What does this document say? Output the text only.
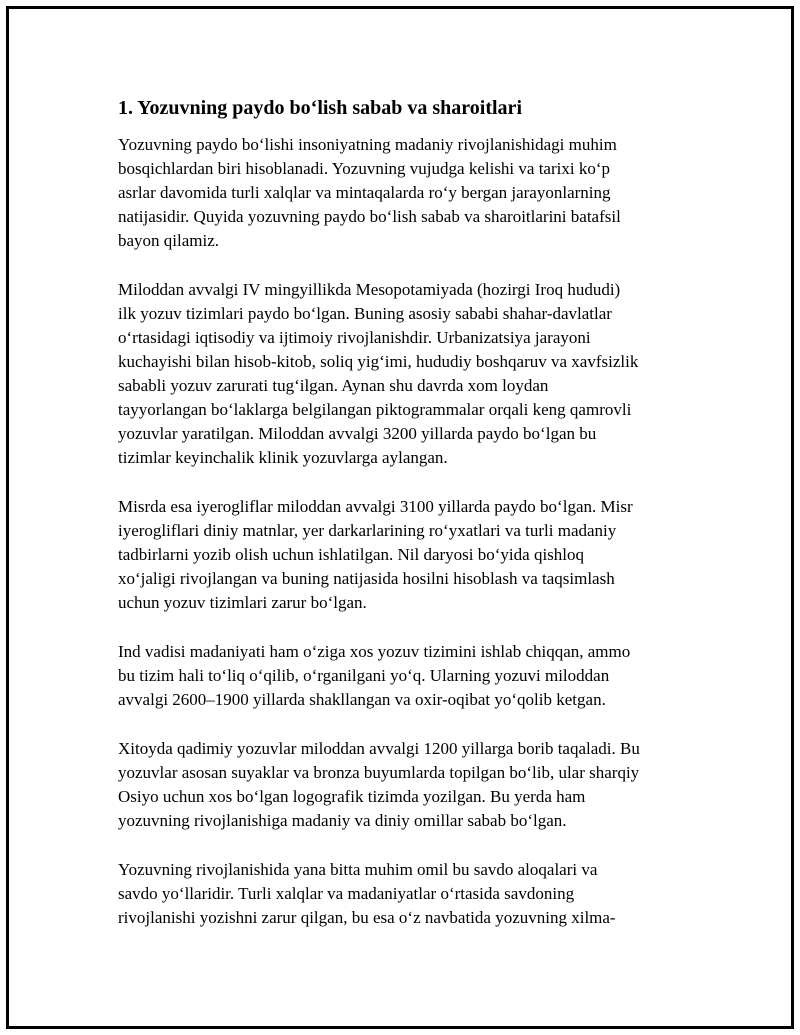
1. Yozuvning paydo bo‘lish sabab va sharoitlari

Yozuvning paydo bo‘lishi insoniyatning madaniy rivojlanishidagi muhim
bosqichlardan biri hisoblanadi. Yozuvning vujudga kelishi va tarixi ko‘p
asrlar davomida turli xalqlar va mintaqalarda ro‘y bergan jarayonlarning
natijasidir. Quyida yozuvning paydo bo‘lish sabab va sharoitlarini batafsil
bayon qilamiz.

Miloddan avvalgi IV mingyillikda Mesopotamiyada (hozirgi Iroq hududi)
ilk yozuv tizimlari paydo bo‘lgan. Buning asosiy sababi shahar-davlatlar
o‘rtasidagi iqtisodiy va ijtimoiy rivojlanishdir. Urbanizatsiya jarayoni
kuchayishi bilan hisob-kitob, soliq yig‘imi, hududiy boshqaruv va xavfsizlik
sababli yozuv zarurati tug‘ilgan. Aynan shu davrda xom loydan
tayyorlangan bo‘laklarga belgilangan piktogrammalar orqali keng qamrovli
yozuvlar yaratilgan. Miloddan avvalgi 3200 yillarda paydo bo‘lgan bu
tizimlar keyinchalik klinik yozuvlarga aylangan.

Misrda esa iyerogliflar miloddan avvalgi 3100 yillarda paydo bo‘lgan. Misr
iyerogliflari diniy matnlar, yer darkarlarining ro‘yxatlari va turli madaniy
tadbirlarni yozib olish uchun ishlatilgan. Nil daryosi bo‘yida qishloq
xo‘jaligi rivojlangan va buning natijasida hosilni hisoblash va taqsimlash
uchun yozuv tizimlari zarur bo‘lgan.

Ind vadisi madaniyati ham o‘ziga xos yozuv tizimini ishlab chiqqan, ammo
bu tizim hali to‘liq o‘qilib, o‘rganilgani yo‘q. Ularning yozuvi miloddan
avvalgi 2600–1900 yillarda shakllangan va oxir-oqibat yo‘qolib ketgan.

Xitoyda qadimiy yozuvlar miloddan avvalgi 1200 yillarga borib taqaladi. Bu
yozuvlar asosan suyaklar va bronza buyumlarda topilgan bo‘lib, ular sharqiy
Osiyo uchun xos bo‘lgan logografik tizimda yozilgan. Bu yerda ham
yozuvning rivojlanishiga madaniy va diniy omillar sabab bo‘lgan.

Yozuvning rivojlanishida yana bitta muhim omil bu savdo aloqalari va
savdo yo‘llaridir. Turli xalqlar va madaniyatlar o‘rtasida savdoning
rivojlanishi yozishni zarur qilgan, bu esa o‘z navbatida yozuvning xilma-
